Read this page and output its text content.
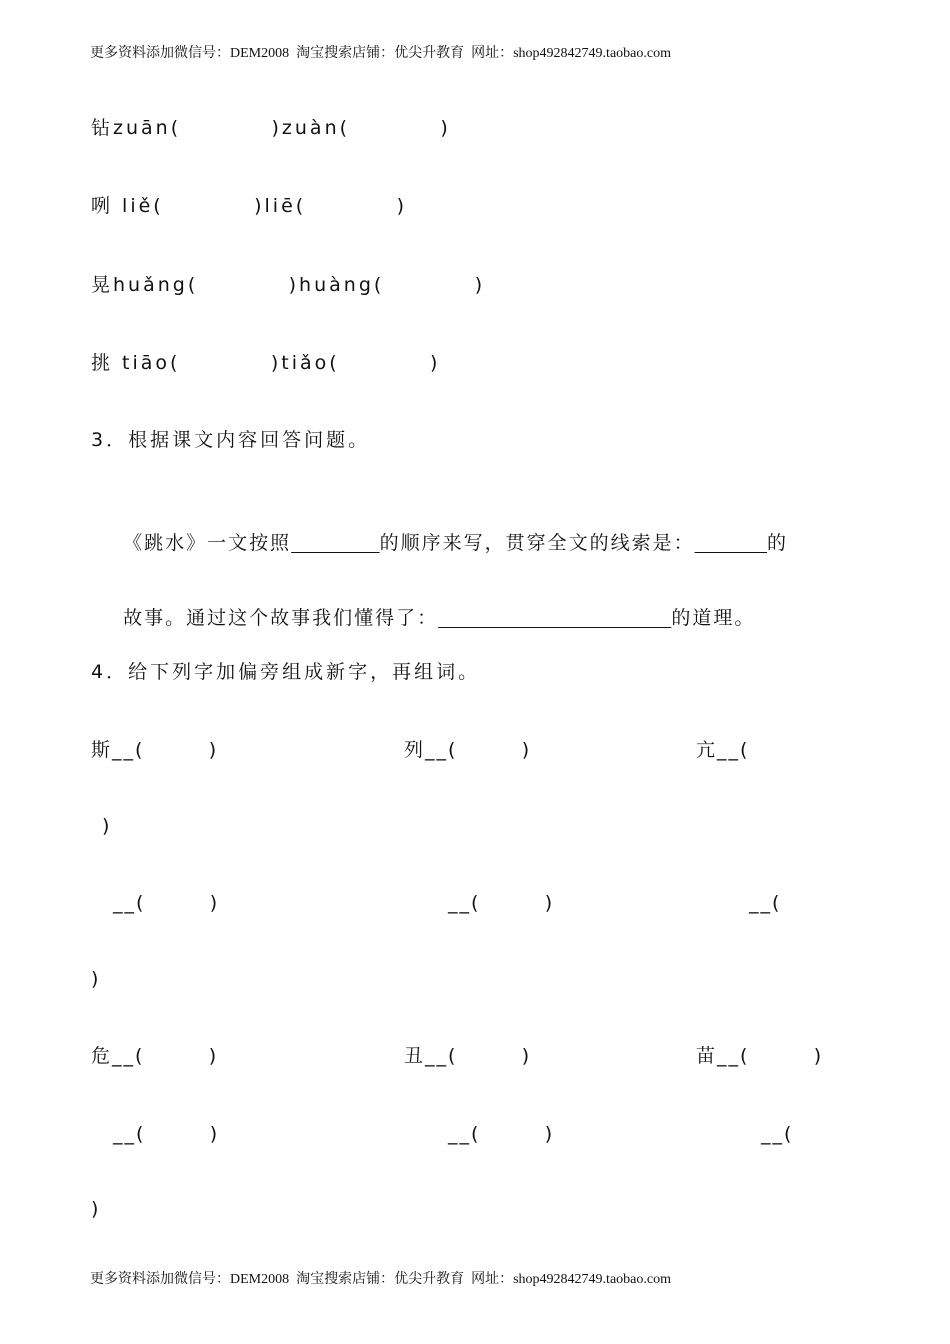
更多资料添加微信号：DEM2008  淘宝搜索店铺：优尖升教育  网址：shop492842749.taobao.com
钻zuān(          )zuàn(          )
咧 liě(          )liē(          )
晃huǎng(          )huàng(          )
挑 tiāo(          )tiǎo(          )
3．根据课文内容回答问题。

《跳水》一文按照	的顺序来写，贯穿全文的线索是：	的

故事。通过这个故事我们懂得了：	的道理。

4．给下列字加偏旁组成新字，再组词。
斯__(        )	列__(        )	亢__(
)
__(        )	__(        )	__(
)
危__(        )	丑__(        )	苗__(        )
__(        )	__(        )	__(
)
更多资料添加微信号：DEM2008  淘宝搜索店铺：优尖升教育  网址：shop492842749.taobao.com
